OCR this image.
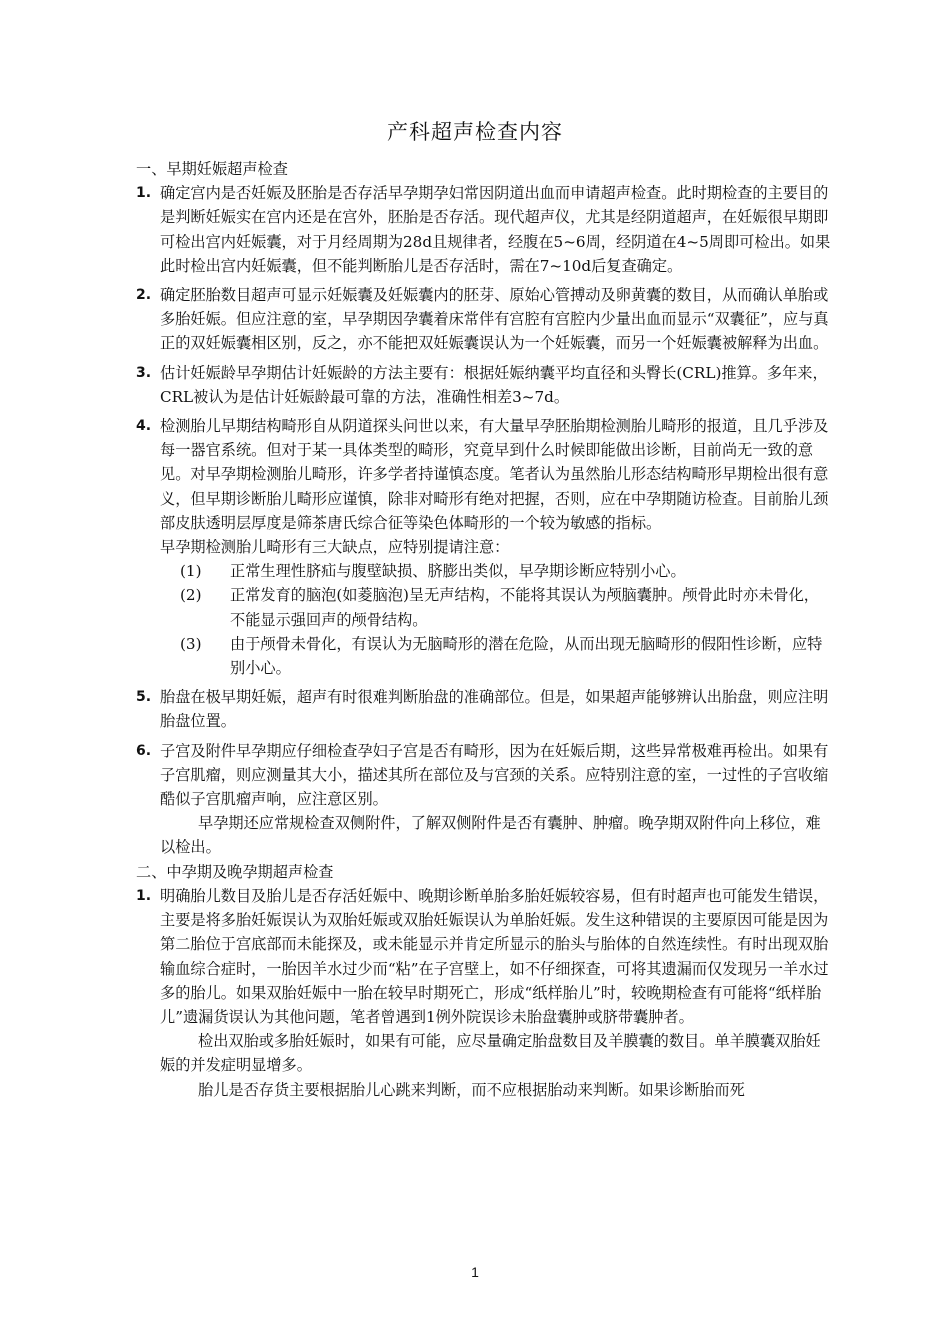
产科超声检查内容
一、早期妊娠超声检查
1. 确定宫内是否妊娠及胚胎是否存活早孕期孕妇常因阴道出血而申请超声检查。此时期检查的主要目的是判断妊娠实在宫内还是在宫外，胚胎是否存活。现代超声仪，尤其是经阴道超声，在妊娠很早期即可检出宫内妊娠囊，对于月经周期为28d且规律者，经腹在5~6周，经阴道在4~5周即可检出。如果此时检出宫内妊娠囊，但不能判断胎儿是否存活时，需在7~10d后复查确定。

2. 确定胚胎数目超声可显示妊娠囊及妊娠囊内的胚芽、原始心管搏动及卵黄囊的数目，从而确认单胎或多胎妊娠。但应注意的室，早孕期因孕囊着床常伴有宫腔有宫腔内少量出血而显示“双囊征”，应与真正的双妊娠囊相区别，反之，亦不能把双妊娠囊误认为一个妊娠囊，而另一个妊娠囊被解释为出血。

3. 估计妊娠龄早孕期估计妊娠龄的方法主要有：根据妊娠纳囊平均直径和头臀长(CRL)推算。多年来，CRL被认为是估计妊娠龄最可靠的方法，准确性相差3~7d。

4. 检测胎儿早期结构畸形自从阴道探头问世以来，有大量早孕胚胎期检测胎儿畸形的报道，且几乎涉及每一器官系统。但对于某一具体类型的畸形，究竟早到什么时候即能做出诊断，目前尚无一致的意见。对早孕期检测胎儿畸形，许多学者持谨慎态度。笔者认为虽然胎儿形态结构畸形早期检出很有意义，但早期诊断胎儿畸形应谨慎，除非对畸形有绝对把握，否则，应在中孕期随访检查。目前胎儿颈部皮肤透明层厚度是筛茶唐氏综合征等染色体畸形的一个较为敏感的指标。

早孕期检测胎儿畸形有三大缺点，应特别提请注意：

(1) 正常生理性脐疝与腹壁缺损、脐膨出类似，早孕期诊断应特别小心。
(2) 正常发育的脑泡(如菱脑泡)呈无声结构，不能将其误认为颅脑囊肿。颅骨此时亦未骨化，不能显示强回声的颅骨结构。
(3) 由于颅骨未骨化，有误认为无脑畸形的潜在危险，从而出现无脑畸形的假阳性诊断，应特别小心。
5. 胎盘在极早期妊娠，超声有时很难判断胎盘的准确部位。但是，如果超声能够辨认出胎盘，则应注明胎盘位置。

6. 子宫及附件早孕期应仔细检查孕妇子宫是否有畸形，因为在妊娠后期，这些异常极难再检出。如果有子宫肌瘤，则应测量其大小，描述其所在部位及与宫颈的关系。应特别注意的室，一过性的子宫收缩酷似子宫肌瘤声响，应注意区别。

早孕期还应常规检查双侧附件，了解双侧附件是否有囊肿、肿瘤。晚孕期双附件向上移位，难以检出。

二、中孕期及晚孕期超声检查
1. 明确胎儿数目及胎儿是否存活妊娠中、晚期诊断单胎多胎妊娠较容易，但有时超声也可能发生错误，主要是将多胎妊娠误认为双胎妊娠或双胎妊娠误认为单胎妊娠。发生这种错误的主要原因可能是因为第二胎位于宫底部而未能探及，或未能显示并肯定所显示的胎头与胎体的自然连续性。有时出现双胎输血综合症时，一胎因羊水过少而“粘”在子宫壁上，如不仔细探查，可将其遗漏而仅发现另一羊水过多的胎儿。如果双胎妊娠中一胎在较早时期死亡，形成“纸样胎儿”时，较晚期检查有可能将“纸样胎儿”遗漏货误认为其他问题，笔者曾遇到1例外院误诊未胎盘囊肿或脐带囊肿者。

检出双胎或多胎妊娠时，如果有可能，应尽量确定胎盘数目及羊膜囊的数目。单羊膜囊双胎妊娠的并发症明显增多。

胎儿是否存货主要根据胎儿心跳来判断，而不应根据胎动来判断。如果诊断胎而死

1
